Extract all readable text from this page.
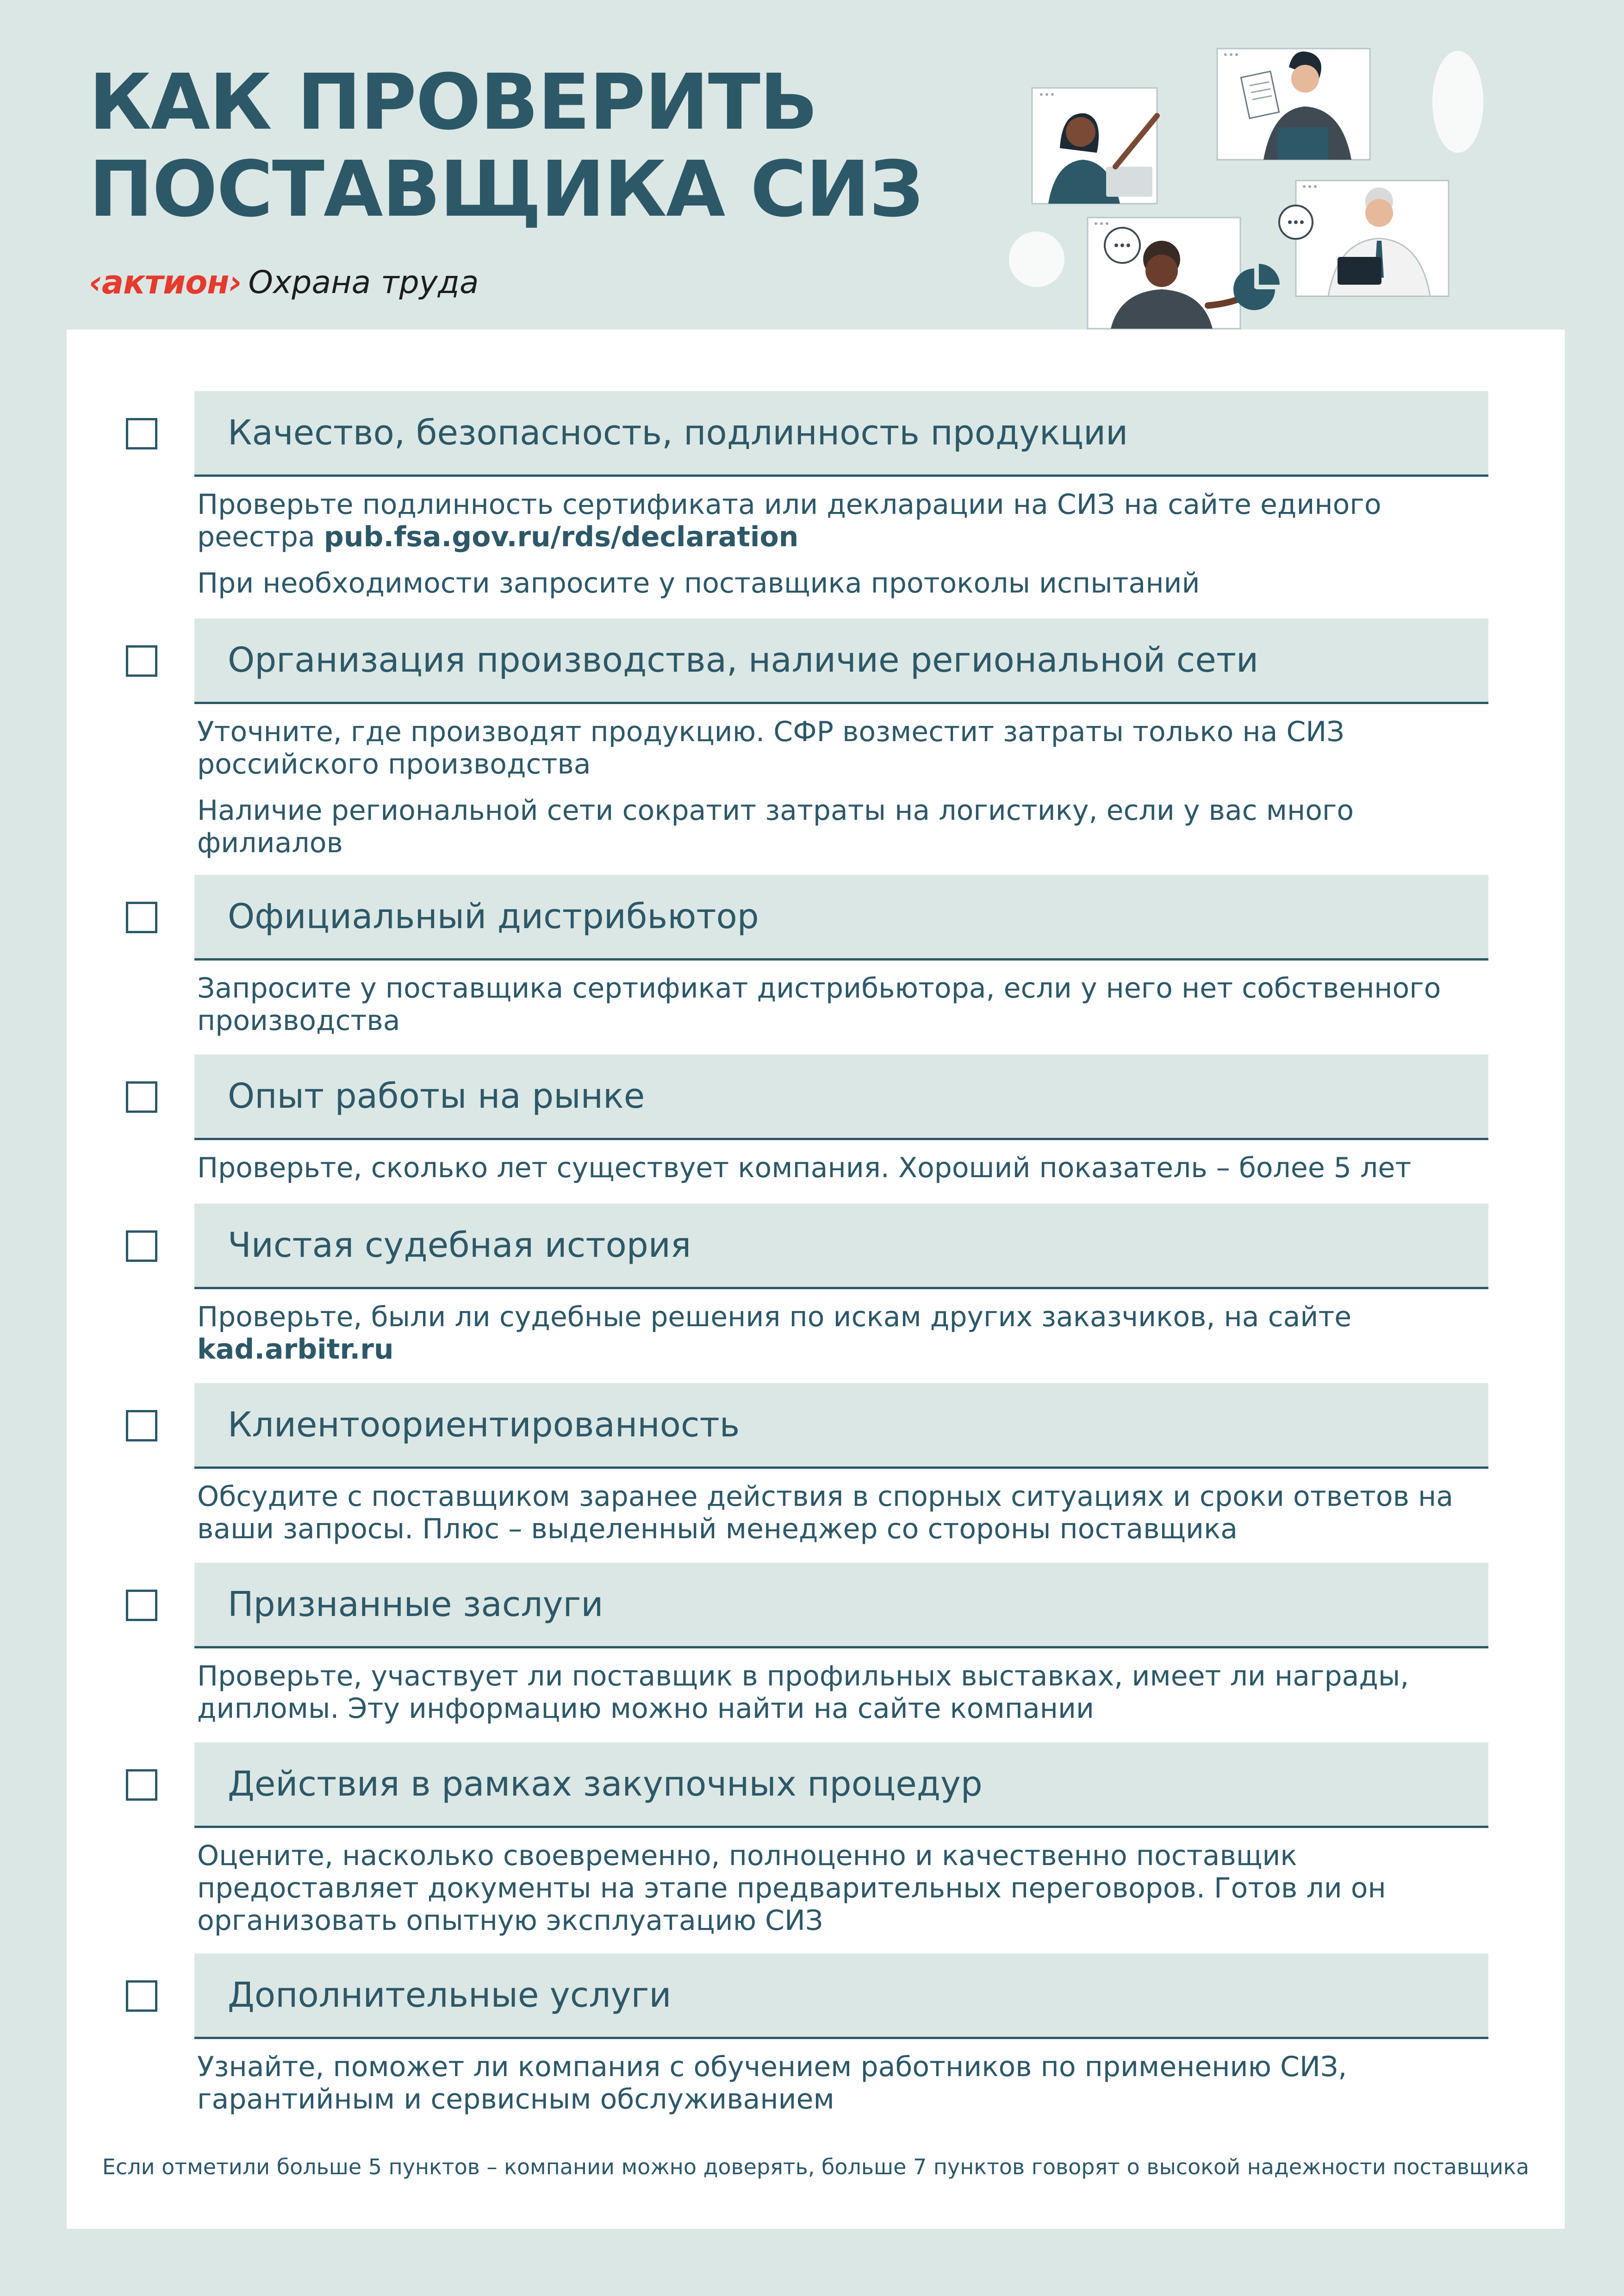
КАК ПРОВЕРИТЬ
ПОСТАВЩИКА СИЗ
‹актион› Охрана труда
Качество, безопасность, подлинность продукции

Проверьте подлинность сертификата или декларации на СИЗ на сайте единого реестра pub.fsa.gov.ru/rds/declaration

При необходимости запросите у поставщика протоколы испытаний

Организация производства, наличие региональной сети

Уточните, где производят продукцию. СФР возместит затраты только на СИЗ российского производства

Наличие региональной сети сократит затраты на логистику, если у вас много филиалов

Официальный дистрибьютор

Запросите у поставщика сертификат дистрибьютора, если у него нет собственного производства

Опыт работы на рынке

Проверьте, сколько лет существует компания. Хороший показатель – более 5 лет

Чистая судебная история

Проверьте, были ли судебные решения по искам других заказчиков, на сайте kad.arbitr.ru

Клиентоориентированность

Обсудите с поставщиком заранее действия в спорных ситуациях и сроки ответов на ваши запросы. Плюс – выделенный менеджер со стороны поставщика

Признанные заслуги

Проверьте, участвует ли поставщик в профильных выставках, имеет ли награды, дипломы. Эту информацию можно найти на сайте компании

Действия в рамках закупочных процедур

Оцените, насколько своевременно, полноценно и качественно поставщик предоставляет документы на этапе предварительных переговоров. Готов ли он организовать опытную эксплуатацию СИЗ

Дополнительные услуги

Узнайте, поможет ли компания с обучением работников по применению СИЗ, гарантийным и сервисным обслуживанием

Если отметили больше 5 пунктов – компании можно доверять, больше 7 пунктов говорят о высокой надежности поставщика
